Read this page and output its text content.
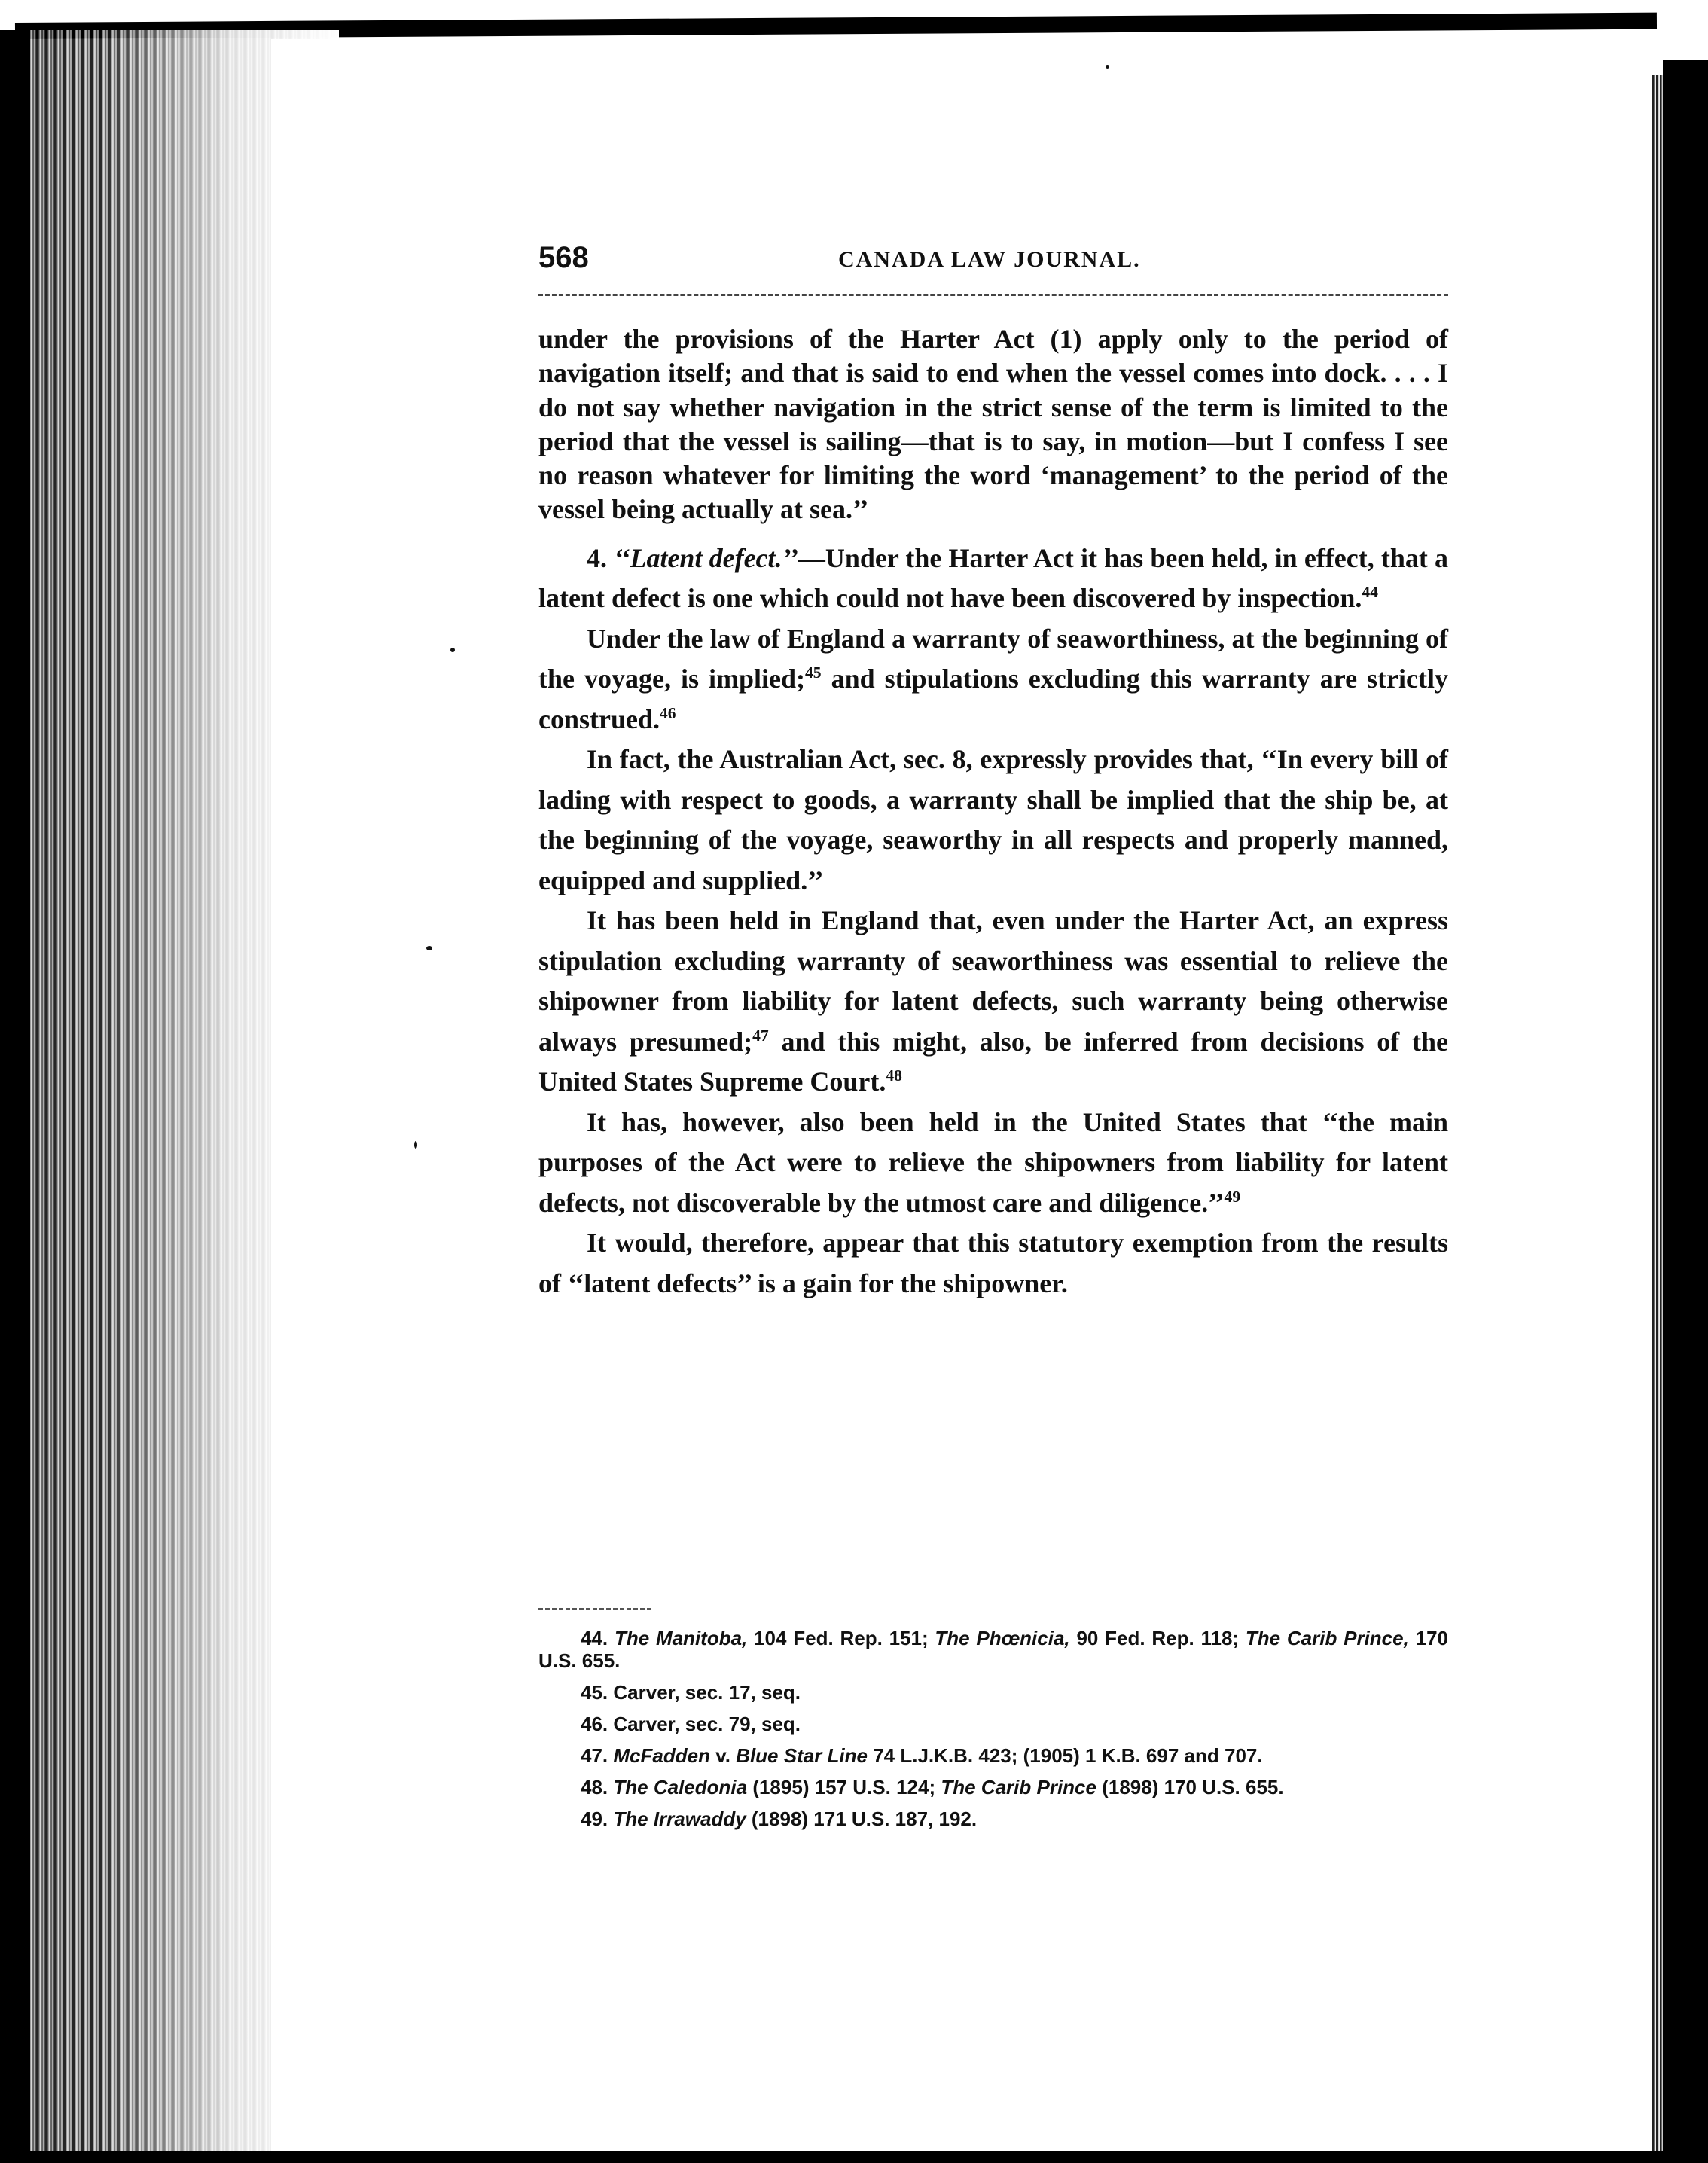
568	CANADA LAW JOURNAL.

under the provisions of the Harter Act (1) apply only to the period of navigation itself; and that is said to end when the vessel comes into dock. . . . I do not say whether navigation in the strict sense of the term is limited to the period that the vessel is sailing—that is to say, in motion—but I confess I see no reason whatever for limiting the word ‘management’ to the period of the vessel being actually at sea.’’

4. ‘‘Latent defect.’’—Under the Harter Act it has been held, in effect, that a latent defect is one which could not have been discovered by inspection.$^{44}$

Under the law of England a warranty of seaworthiness, at the beginning of the voyage, is implied;$^{45}$ and stipulations excluding this warranty are strictly construed.$^{46}$

In fact, the Australian Act, sec. 8, expressly provides that, ‘‘In every bill of lading with respect to goods, a warranty shall be implied that the ship be, at the beginning of the voyage, seaworthy in all respects and properly manned, equipped and supplied.’’

It has been held in England that, even under the Harter Act, an express stipulation excluding warranty of seaworthiness was essential to relieve the shipowner from liability for latent defects, such warranty being otherwise always presumed;$^{47}$ and this might, also, be inferred from decisions of the United States Supreme Court.$^{48}$

It has, however, also been held in the United States that ‘‘the main purposes of the Act were to relieve the shipowners from liability for latent defects, not discoverable by the utmost care and diligence.’’$^{49}$

It would, therefore, appear that this statutory exemption from the results of ‘‘latent defects’’ is a gain for the shipowner.

44. The Manitoba, 104 Fed. Rep. 151; The Phœnicia, 90 Fed. Rep. 118; The Carib Prince, 170 U.S. 655.

45. Carver, sec. 17, seq.

46. Carver, sec. 79, seq.

47. McFadden v. Blue Star Line 74 L.J.K.B. 423; (1905) 1 K.B. 697 and 707.

48. The Caledonia (1895) 157 U.S. 124; The Carib Prince (1898) 170 U.S. 655.

49. The Irrawaddy (1898) 171 U.S. 187, 192.
